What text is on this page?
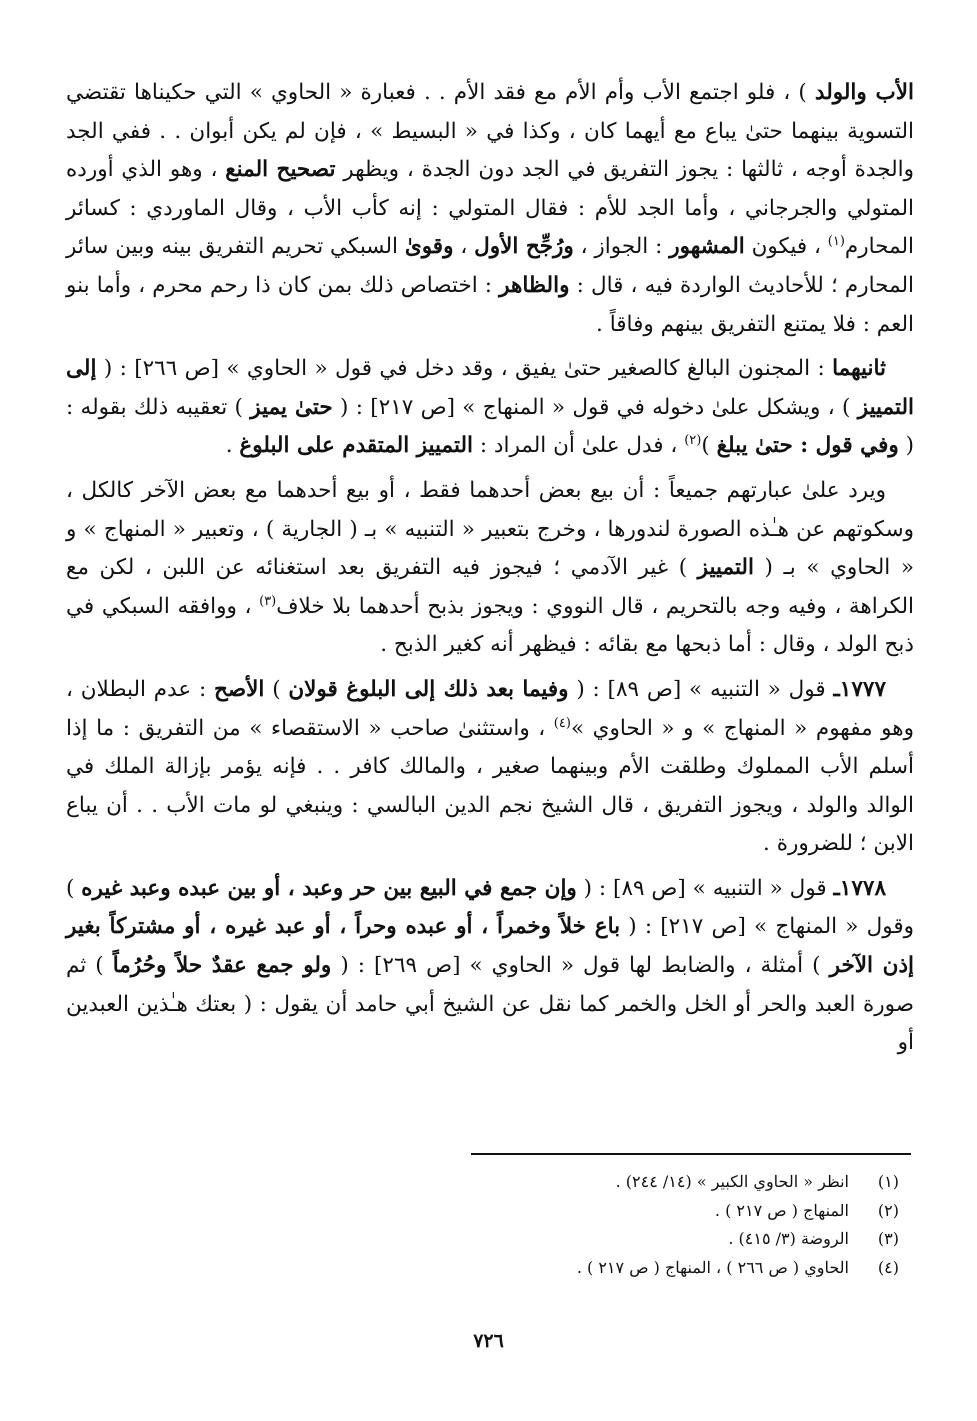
الأب والولد ) ، فلو اجتمع الأب وأم الأم مع فقد الأم . . فعبارة « الحاوي » التي حكيناها تقتضي التسوية بينهما حتىٰ يباع مع أيهما كان ، وكذا في « البسيط » ، فإن لم يكن أبوان . . ففي الجد والجدة أوجه ، ثالثها : يجوز التفريق في الجد دون الجدة ، ويظهر تصحيح المنع ، وهو الذي أورده المتولي والجرجاني ، وأما الجد للأم : فقال المتولي : إنه كأب الأب ، وقال الماوردي : كسائر المحارم$^{(١)}$ ، فيكون المشهور : الجواز ، ورُجِّح الأول ، وقوىٰ السبكي تحريم التفريق بينه وبين سائر المحارم ؛ للأحاديث الواردة فيه ، قال : والظاهر : اختصاص ذلك بمن كان ذا رحم محرم ، وأما بنو العم : فلا يمتنع التفريق بينهم وفاقاً .

ثانيهما : المجنون البالغ كالصغير حتىٰ يفيق ، وقد دخل في قول « الحاوي » [ص ٢٦٦] : ( إلى التمييز ) ، ويشكل علىٰ دخوله في قول « المنهاج » [ص ٢١٧] : ( حتىٰ يميز ) تعقيبه ذلك بقوله : ( وفي قول : حتىٰ يبلغ )$^{(٢)}$ ، فدل علىٰ أن المراد : التمييز المتقدم على البلوغ .

ويرد علىٰ عبارتهم جميعاً : أن بيع بعض أحدهما فقط ، أو بيع أحدهما مع بعض الآخر كالكل ، وسكوتهم عن هـٰذه الصورة لندورها ، وخرج بتعبير « التنبيه » بـ ( الجارية ) ، وتعبير « المنهاج » و « الحاوي » بـ ( التمييز ) غير الآدمي ؛ فيجوز فيه التفريق بعد استغنائه عن اللبن ، لكن مع الكراهة ، وفيه وجه بالتحريم ، قال النووي : ويجوز بذبح أحدهما بلا خلاف$^{(٣)}$ ، ووافقه السبكي في ذبح الولد ، وقال : أما ذبحها مع بقائه : فيظهر أنه كغير الذبح .

١٧٧٧ـ قول « التنبيه » [ص ٨٩] : ( وفيما بعد ذلك إلى البلوغ قولان ) الأصح : عدم البطلان ، وهو مفهوم « المنهاج » و « الحاوي »$^{(٤)}$ ، واستثنىٰ صاحب « الاستقصاء » من التفريق : ما إذا أسلم الأب المملوك وطلقت الأم وبينهما صغير ، والمالك كافر . . فإنه يؤمر بإزالة الملك في الوالد والولد ، ويجوز التفريق ، قال الشيخ نجم الدين البالسي : وينبغي لو مات الأب . . أن يباع الابن ؛ للضرورة .

١٧٧٨ـ قول « التنبيه » [ص ٨٩] : ( وإن جمع في البيع بين حر وعبد ، أو بين عبده وعبد غيره ) وقول « المنهاج » [ص ٢١٧] : ( باع خلاً وخمراً ، أو عبده وحراً ، أو عبد غيره ، أو مشتركاً بغير إذن الآخر ) أمثلة ، والضابط لها قول « الحاوي » [ص ٢٦٩] : ( ولو جمع عقدٌ حلاً وحُرُماً ) ثم صورة العبد والحر أو الخل والخمر كما نقل عن الشيخ أبي حامد أن يقول : ( بعتك هـٰذين العبدين أو

(١)
انظر « الحاوي الكبير » (١٤/ ٢٤٤) .
(٢)
المنهاج ( ص ٢١٧ ) .
(٣)
الروضة (٣/ ٤١٥) .
(٤)
الحاوي ( ص ٢٦٦ ) ، المنهاج ( ص ٢١٧ ) .
٧٢٦
